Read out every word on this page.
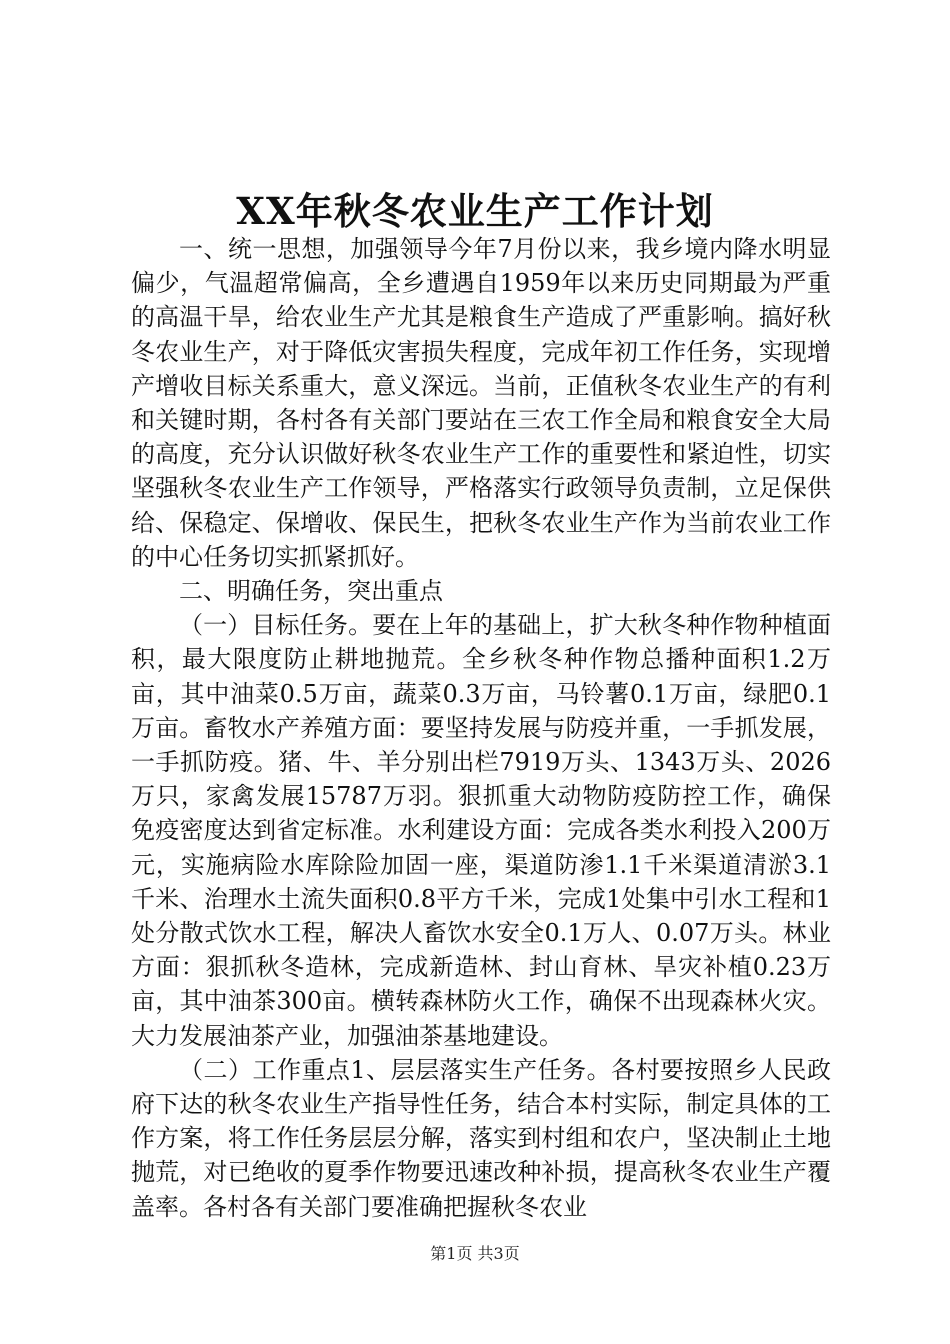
XX年秋冬农业生产工作计划

一、统一思想，加强领导今年7月份以来，我乡境内降水明显偏少，气温超常偏高，全乡遭遇自1959年以来历史同期最为严重的高温干旱，给农业生产尤其是粮食生产造成了严重影响。搞好秋冬农业生产，对于降低灾害损失程度，完成年初工作任务，实现增产增收目标关系重大，意义深远。当前，正值秋冬农业生产的有利和关键时期，各村各有关部门要站在三农工作全局和粮食安全大局的高度，充分认识做好秋冬农业生产工作的重要性和紧迫性，切实坚强秋冬农业生产工作领导，严格落实行政领导负责制，立足保供给、保稳定、保增收、保民生，把秋冬农业生产作为当前农业工作的中心任务切实抓紧抓好。

二、明确任务，突出重点

（一）目标任务。要在上年的基础上，扩大秋冬种作物种植面积，最大限度防止耕地抛荒。全乡秋冬种作物总播种面积1.2万亩，其中油菜0.5万亩，蔬菜0.3万亩，马铃薯0.1万亩，绿肥0.1万亩。畜牧水产养殖方面：要坚持发展与防疫并重，一手抓发展，一手抓防疫。猪、牛、羊分别出栏7919万头、1343万头、2026万只，家禽发展15787万羽。狠抓重大动物防疫防控工作，确保免疫密度达到省定标准。水利建设方面：完成各类水利投入200万元，实施病险水库除险加固一座，渠道防渗1.1千米渠道清淤3.1千米、治理水土流失面积0.8平方千米，完成1处集中引水工程和1处分散式饮水工程，解决人畜饮水安全0.1万人、0.07万头。林业方面：狠抓秋冬造林，完成新造林、封山育林、旱灾补植0.23万亩，其中油茶300亩。横转森林防火工作，确保不出现森林火灾。大力发展油茶产业，加强油茶基地建设。

（二）工作重点1、层层落实生产任务。各村要按照乡人民政府下达的秋冬农业生产指导性任务，结合本村实际，制定具体的工作方案，将工作任务层层分解，落实到村组和农户，坚决制止土地抛荒，对已绝收的夏季作物要迅速改种补损，提高秋冬农业生产覆盖率。各村各有关部门要准确把握秋冬农业

第1页 共3页
